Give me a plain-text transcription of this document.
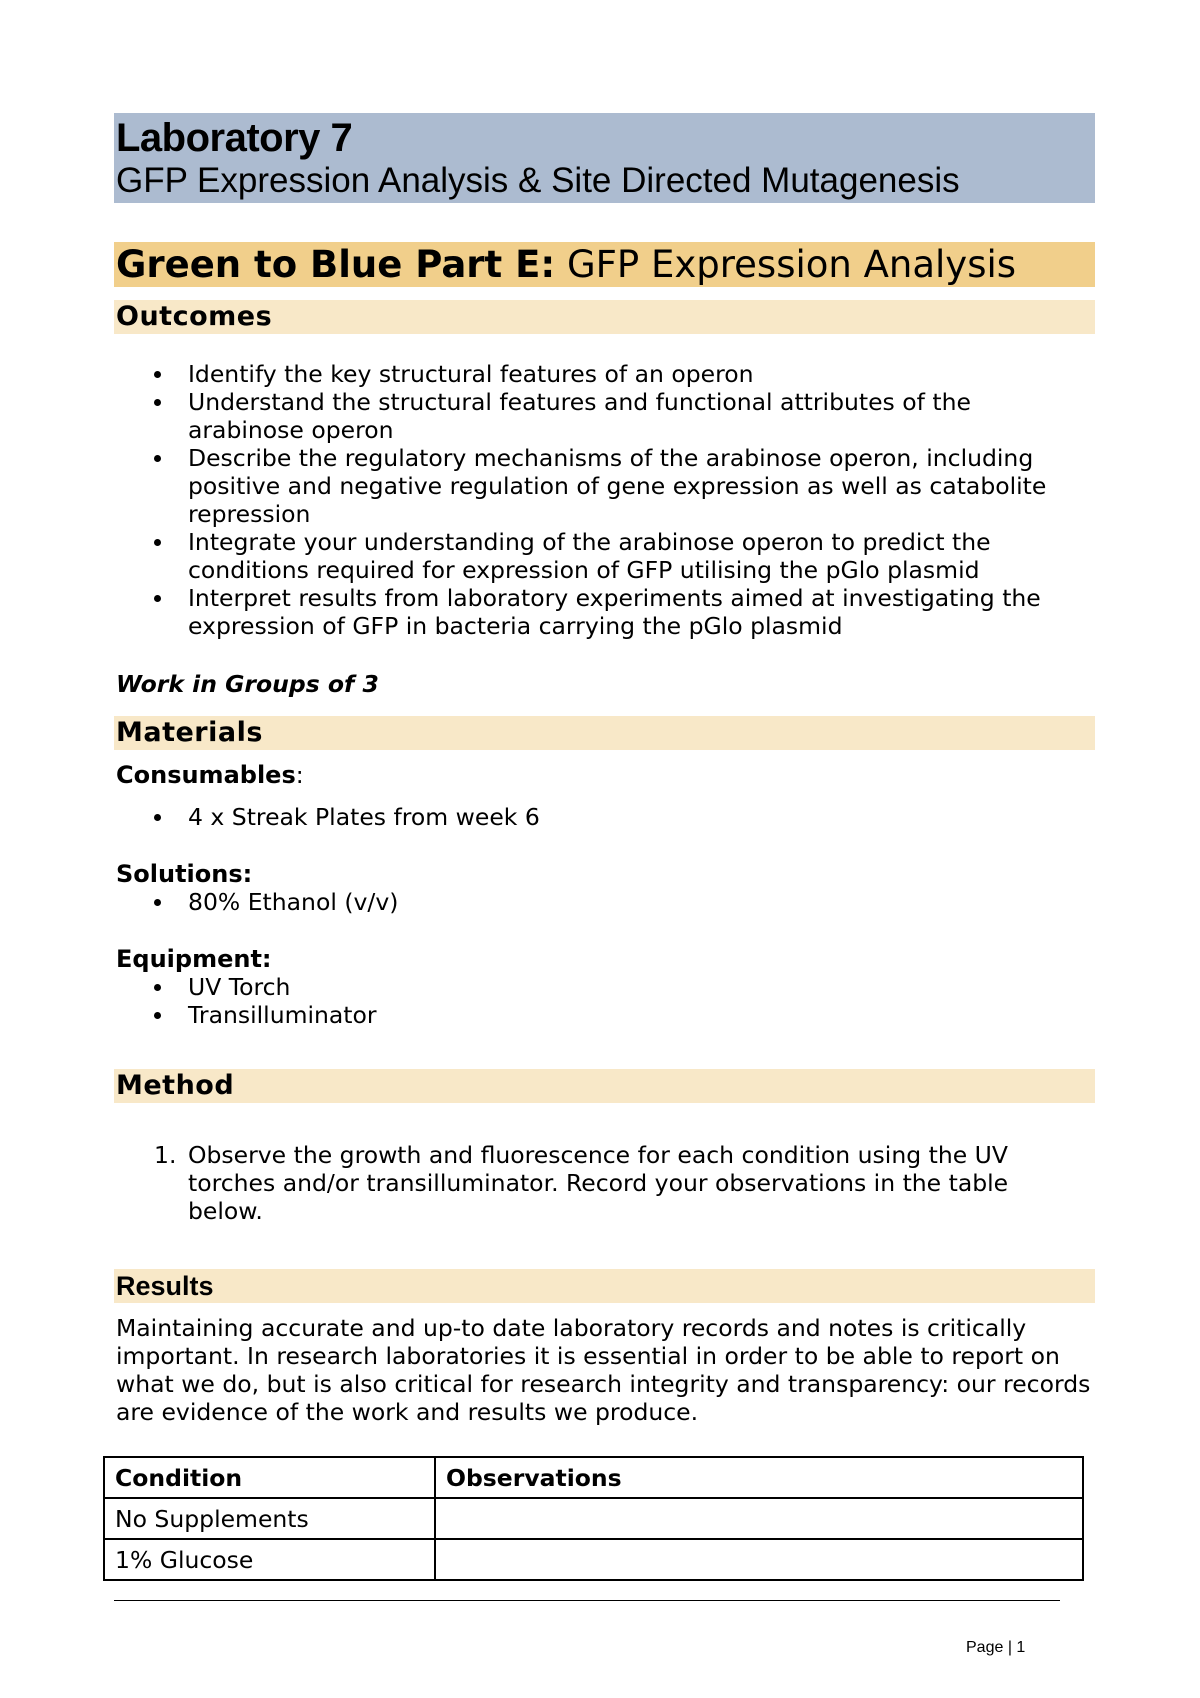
Laboratory 7
GFP Expression Analysis & Site Directed Mutagenesis
Green to Blue Part E: GFP Expression Analysis
Outcomes
Identify the key structural features of an operon
Understand the structural features and functional attributes of the arabinose operon
Describe the regulatory mechanisms of the arabinose operon, including positive and negative regulation of gene expression as well as catabolite repression
Integrate your understanding of the arabinose operon to predict the conditions required for expression of GFP utilising the pGlo plasmid
Interpret results from laboratory experiments aimed at investigating the expression of GFP in bacteria carrying the pGlo plasmid
Work in Groups of 3
Materials
Consumables:
4 x Streak Plates from week 6
Solutions:
80% Ethanol (v/v)
Equipment:
UV Torch
Transilluminator
Method
1. Observe the growth and fluorescence for each condition using the UV torches and/or transilluminator. Record your observations in the table below.
Results
Maintaining accurate and up-to date laboratory records and notes is critically important. In research laboratories it is essential in order to be able to report on what we do, but is also critical for research integrity and transparency: our records are evidence of the work and results we produce.
Condition	Observations
No Supplements	
1% Glucose	
Page | 1
